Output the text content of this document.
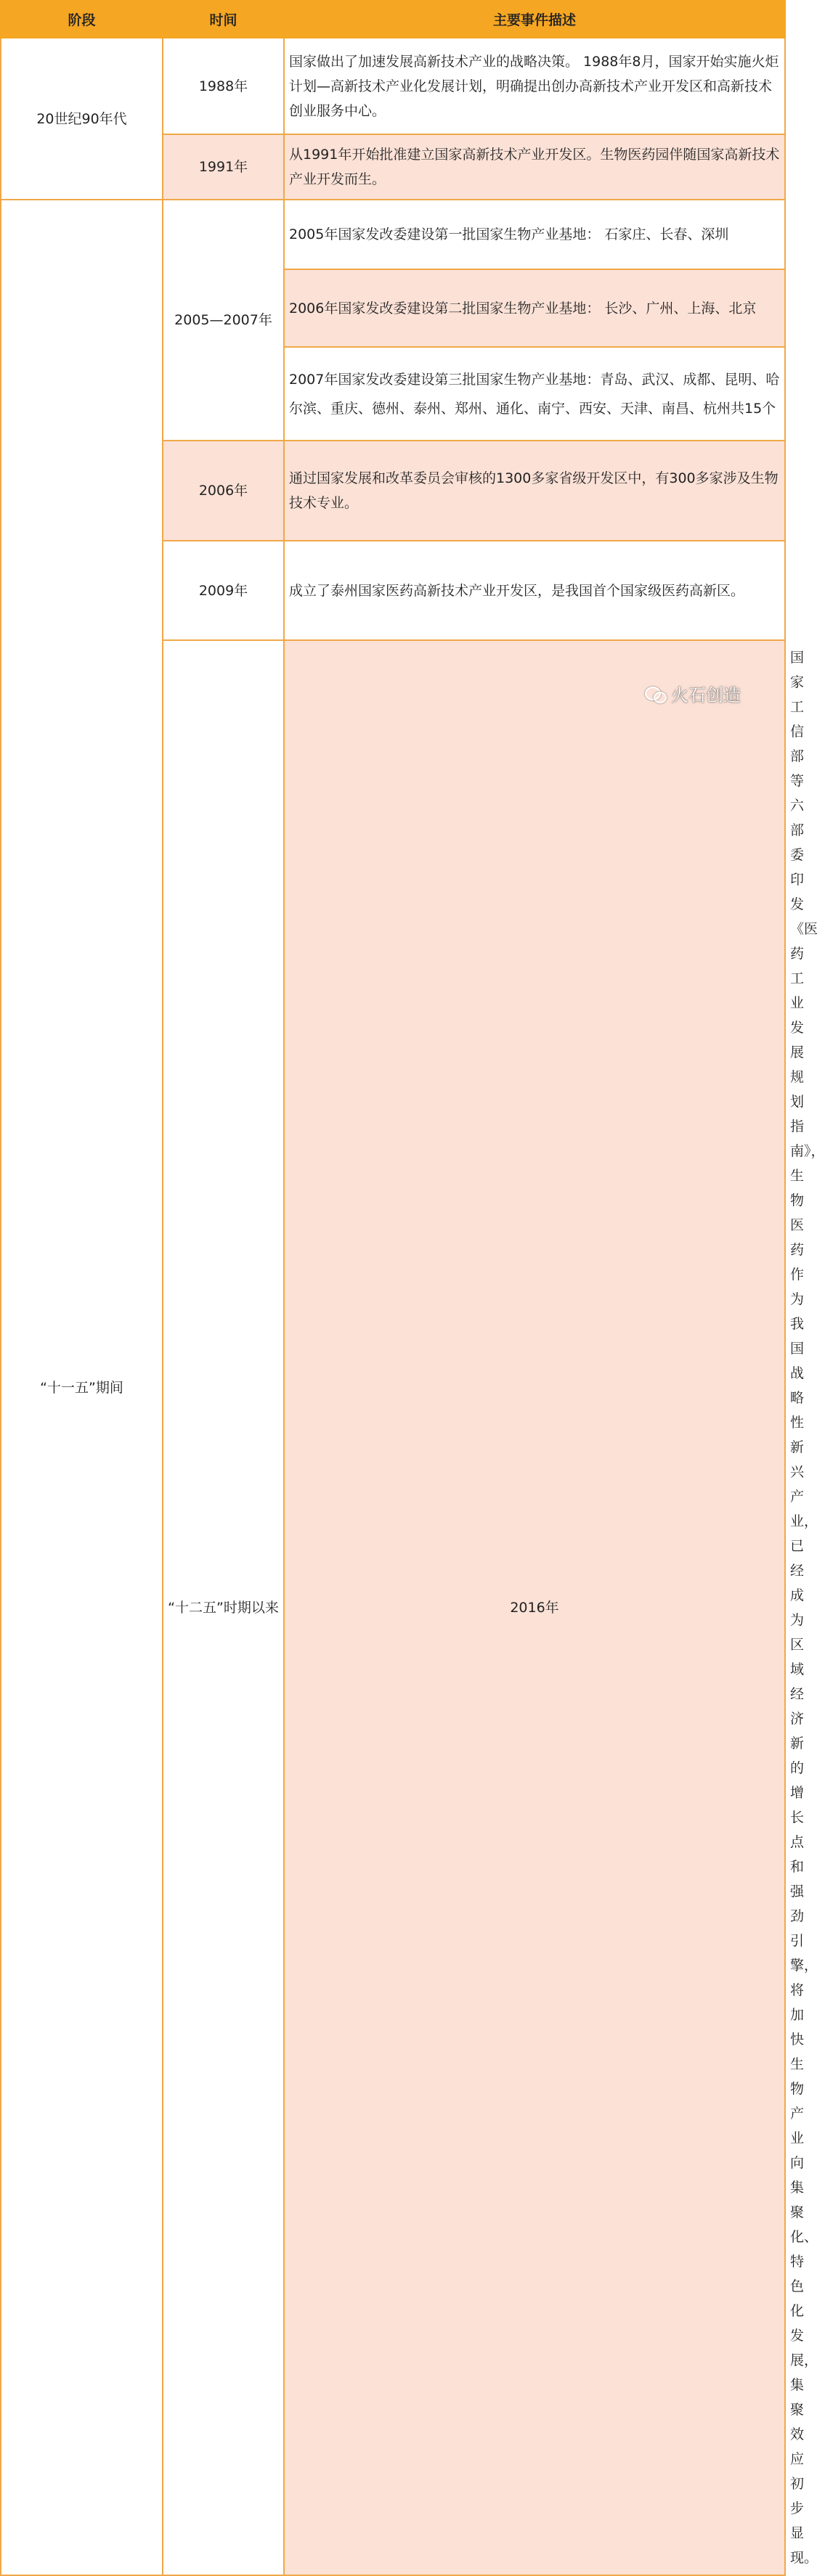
阶段	时间	主要事件描述	
20世纪90年代	1988年	国家做出了加速发展高新技术产业的战略决策。 1988年8月，国家开始实施火炬计划—高新技术产业化发展计划，明确提出创办高新技术产业开发区和高新技术创业服务中心。	
	1991年	从1991年开始批准建立国家高新技术产业开发区。生物医药园伴随国家高新技术产业开发而生。	
“十一五”期间	2005—2007年	2005年国家发改委建设第一批国家生物产业基地： 石家庄、长春、深圳	
		2006年国家发改委建设第二批国家生物产业基地： 长沙、广州、上海、北京	
		2007年国家发改委建设第三批国家生物产业基地：青岛、武汉、成都、昆明、哈尔滨、重庆、德州、泰州、郑州、通化、南宁、西安、天津、南昌、杭州共15个	
	2006年	通过国家发展和改革委员会审核的1300多家省级开发区中，有300多家涉及生物技术专业。	
	2009年	成立了泰州国家医药高新技术产业开发区，是我国首个国家级医药高新区。	
	“十二五”时期以来	2016年	国家工信部等六部委印发《医药工业发展规划指南》，生物医药作为我国战略性新兴产业，已经成为区域经济新的增长点和强劲引擎，将加快生物产业向集聚化、特色化发展，集聚效应初步显现。
火石创造
